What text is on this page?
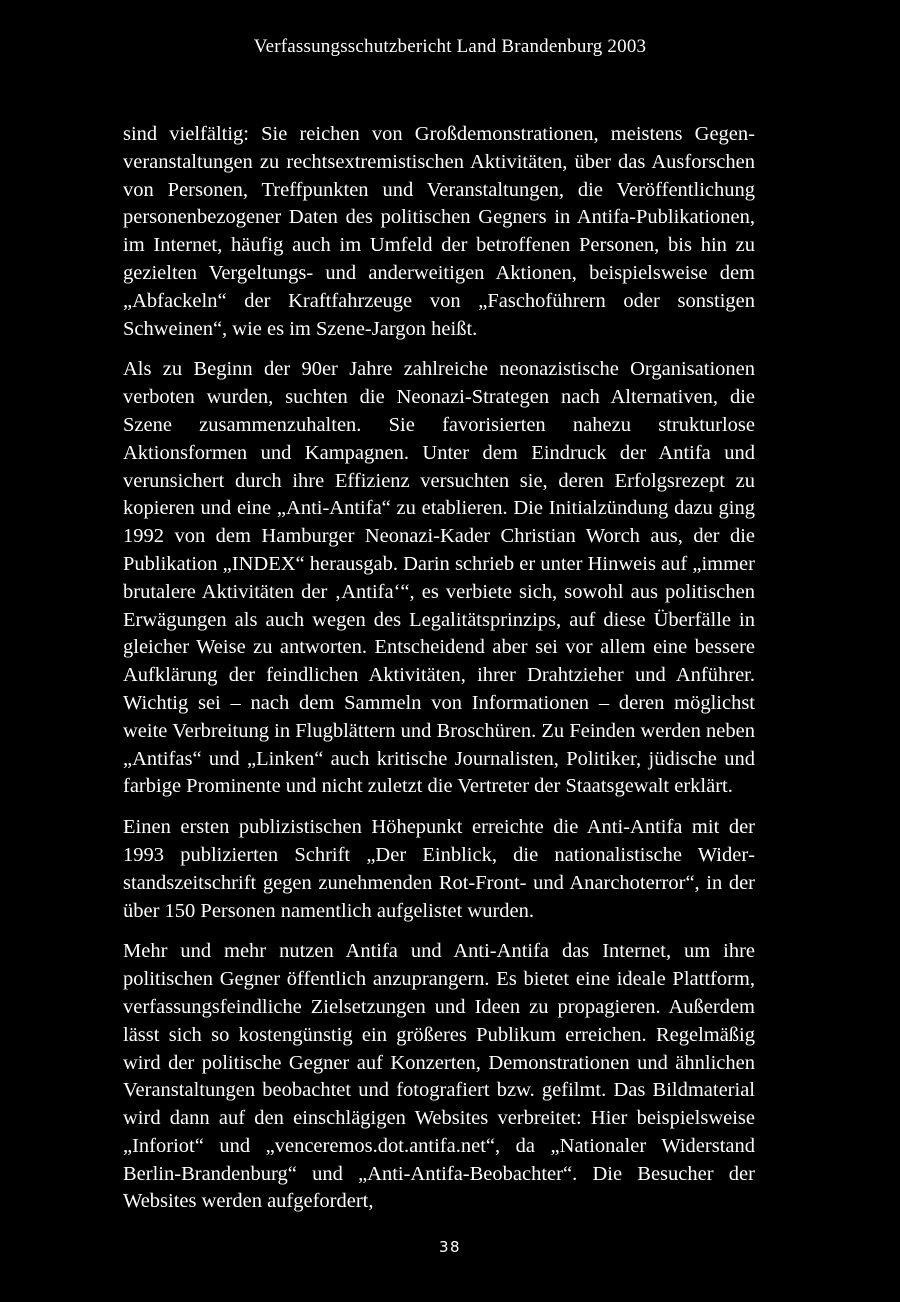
Verfassungsschutzbericht Land Brandenburg 2003

sind vielfältig: Sie reichen von Großdemonstrationen, meistens Gegenveranstaltungen zu rechtsextremistischen Aktivitäten, über das Ausforschen von Personen, Treffpunkten und Veranstaltungen, die Veröffentlichung personenbezogener Daten des politischen Gegners in Antifa-Publikationen, im Internet, häufig auch im Umfeld der betroffenen Personen, bis hin zu gezielten Vergeltungs- und anderweitigen Aktionen, beispielsweise dem „Abfackeln“ der Kraftfahrzeuge von „Faschoführern oder sonstigen Schweinen“, wie es im Szene-Jargon heißt.

Als zu Beginn der 90er Jahre zahlreiche neonazistische Organisationen verboten wurden, suchten die Neonazi-Strategen nach Alternativen, die Szene zusammenzuhalten. Sie favorisierten nahezu strukturlose Aktionsformen und Kampagnen. Unter dem Eindruck der Antifa und verunsichert durch ihre Effizienz versuchten sie, deren Erfolgsrezept zu kopieren und eine „Anti-Antifa“ zu etablieren. Die Initialzündung dazu ging 1992 von dem Hamburger Neonazi-Kader Christian Worch aus, der die Publikation „INDEX“ herausgab. Darin schrieb er unter Hinweis auf „immer brutalere Aktivitäten der ‚Antifa‘“, es verbiete sich, sowohl aus politischen Erwägungen als auch wegen des Legalitätsprinzips, auf diese Überfälle in gleicher Weise zu antworten. Entscheidend aber sei vor allem eine bessere Aufklärung der feindlichen Aktivitäten, ihrer Drahtzieher und Anführer. Wichtig sei – nach dem Sammeln von Informationen – deren möglichst weite Verbreitung in Flugblättern und Broschüren. Zu Feinden werden neben „Antifas“ und „Linken“ auch kritische Journalisten, Politiker, jüdische und farbige Prominente und nicht zuletzt die Vertreter der Staatsgewalt erklärt.

Einen ersten publizistischen Höhepunkt erreichte die Anti-Antifa mit der 1993 publizierten Schrift „Der Einblick, die nationalistische Widerstandszeitschrift gegen zunehmenden Rot-Front- und Anarchoterror“, in der über 150 Personen namentlich aufgelistet wurden.

Mehr und mehr nutzen Antifa und Anti-Antifa das Internet, um ihre politischen Gegner öffentlich anzuprangern. Es bietet eine ideale Plattform, verfassungsfeindliche Zielsetzungen und Ideen zu propagieren. Außerdem lässt sich so kostengünstig ein größeres Publikum erreichen. Regelmäßig wird der politische Gegner auf Konzerten, Demonstrationen und ähnlichen Veranstaltungen beobachtet und fotografiert bzw. gefilmt. Das Bildmaterial wird dann auf den einschlägigen Websites verbreitet: Hier beispielsweise „Inforiot“ und „venceremos.dot.antifa.net“, da „Nationaler Widerstand Berlin-Brandenburg“ und „Anti-Antifa-Beobachter“. Die Besucher der Websites werden aufgefordert,

38
